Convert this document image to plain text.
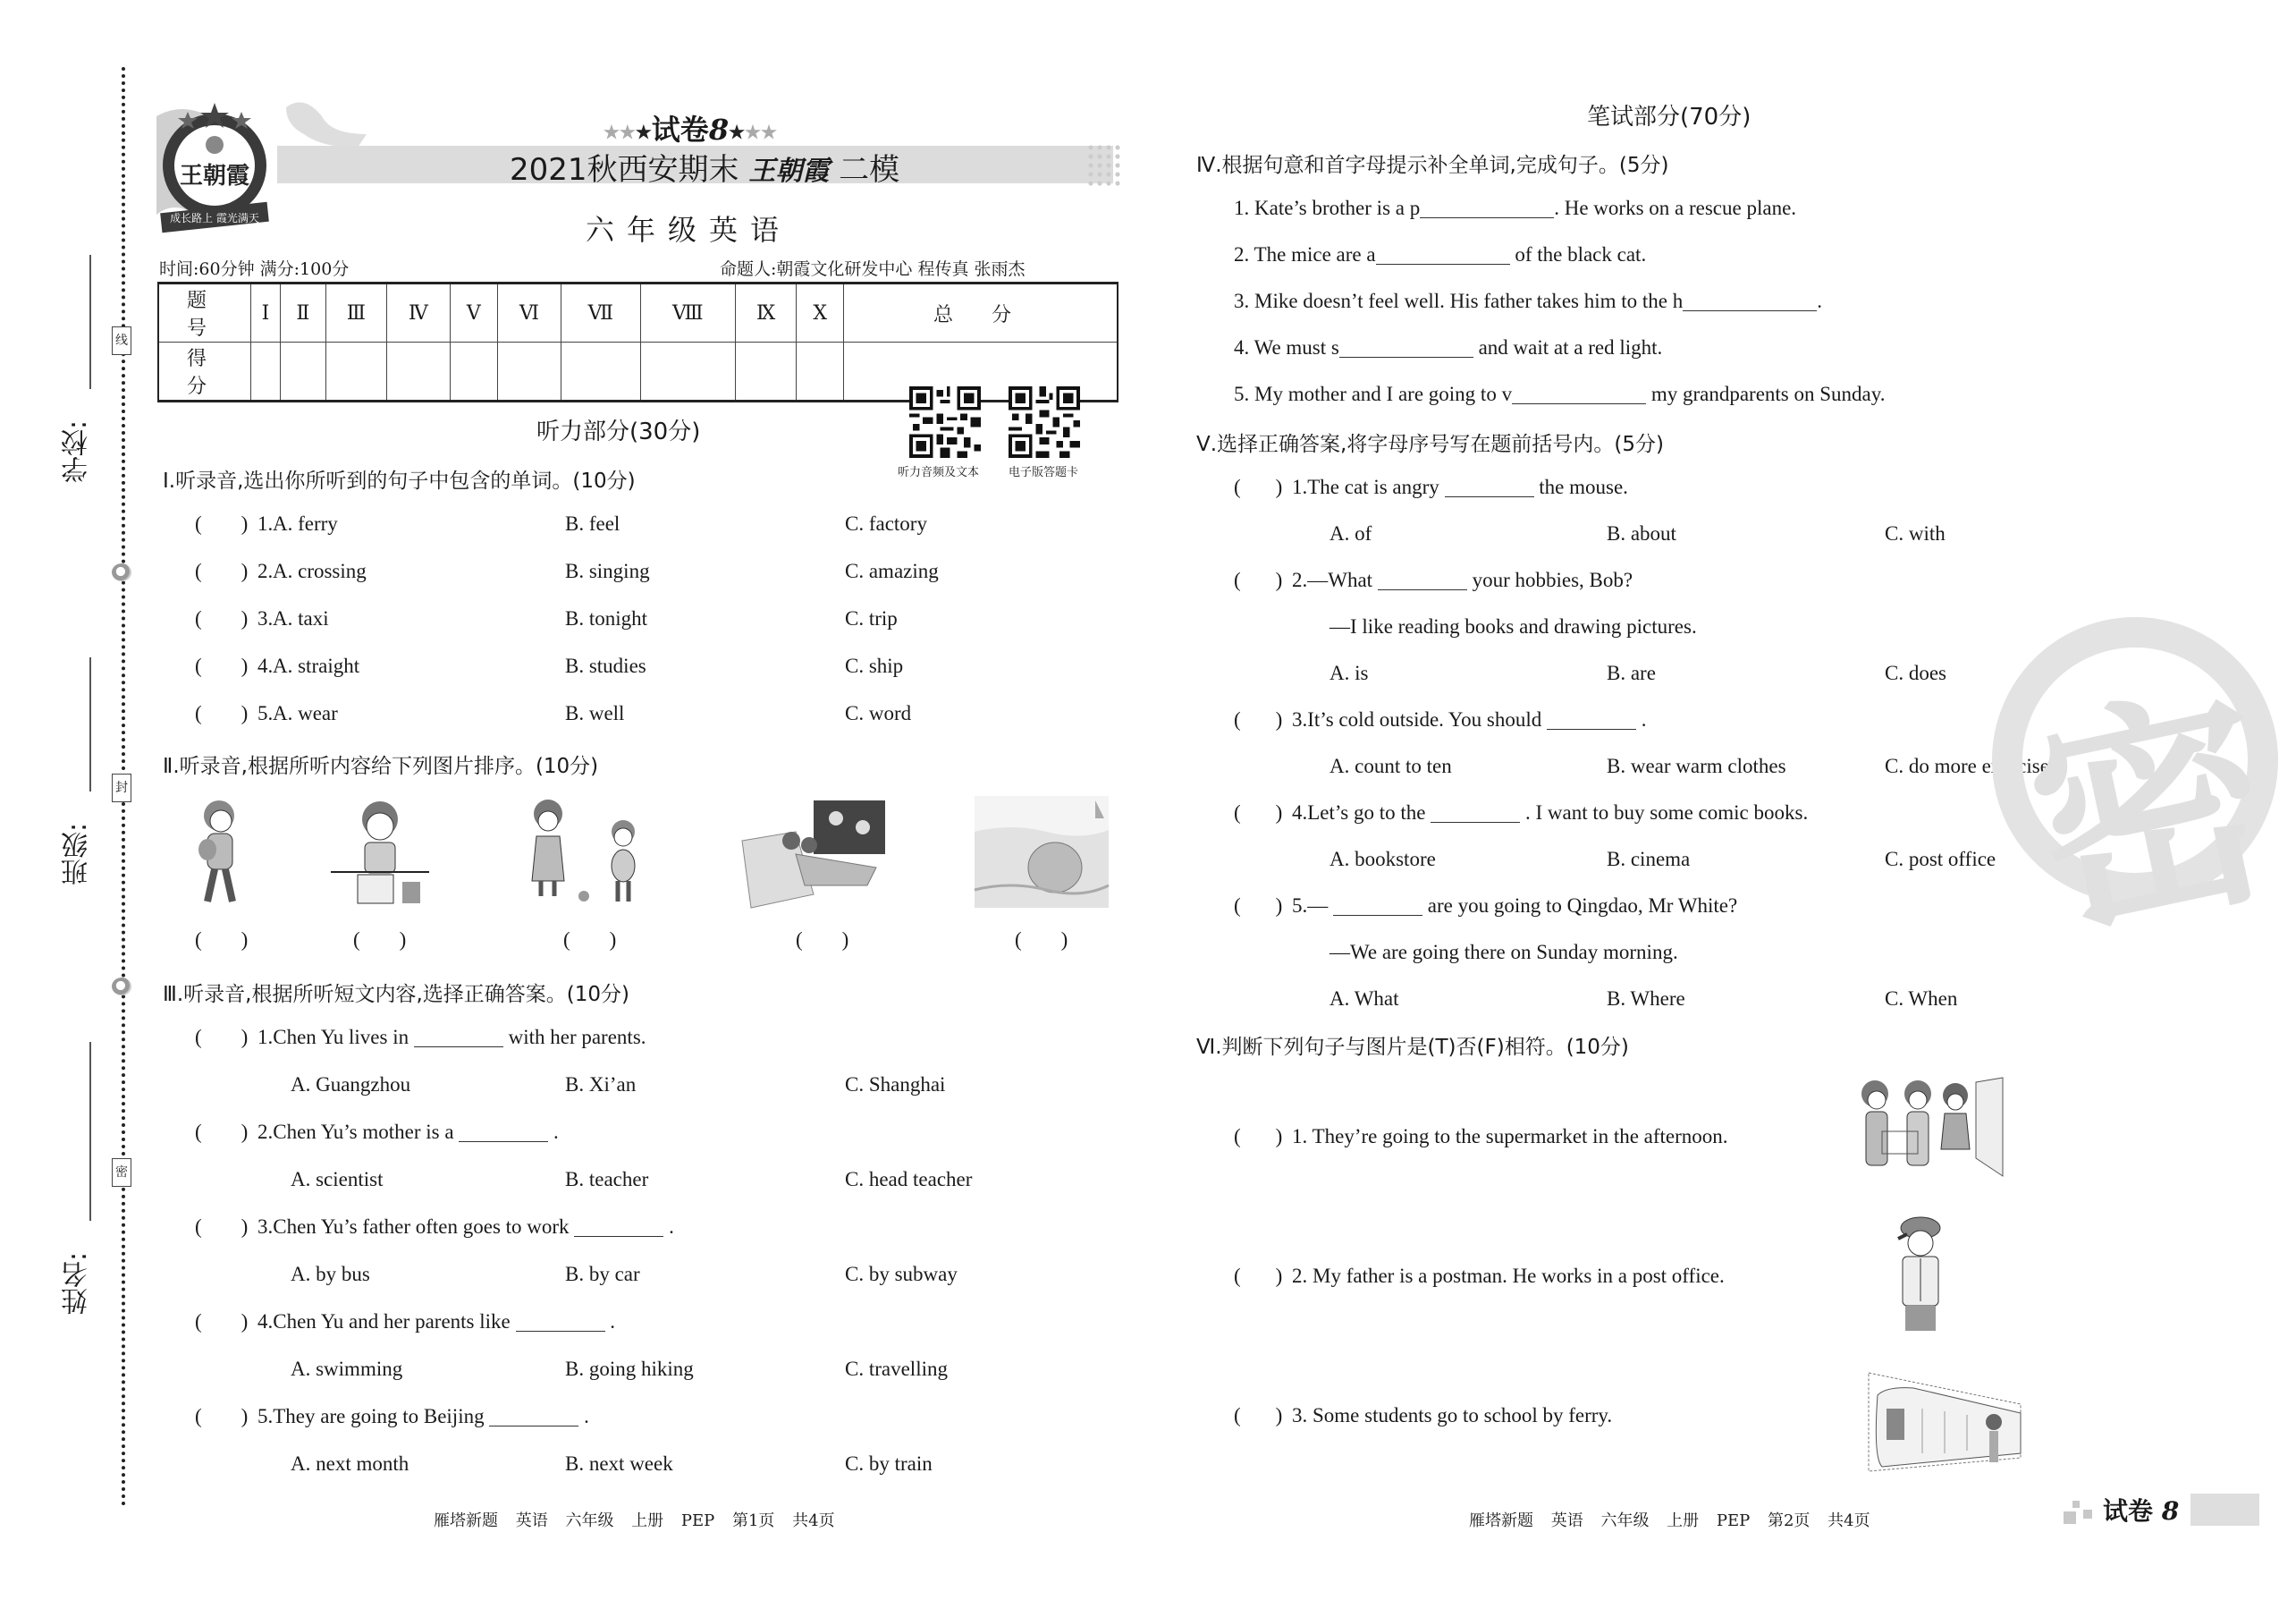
学校:
班级:
姓名:
线
封
密
王朝霞
成长路上 霞光满天
★★★试卷8★★★
2021秋西安期末 王朝霞 二模
六年级英语
时间:60分钟 满分:100分	命题人:朝霞文化研发中心 程传真 张雨杰
题 号	Ⅰ	Ⅱ	Ⅲ	Ⅳ	Ⅴ	Ⅵ	Ⅶ	Ⅷ	Ⅸ	Ⅹ	总 分
得 分											
听力音频及文本	电子版答题卡
听力部分(30分)
Ⅰ.听录音,选出你所听到的句子中包含的单词。(10分)
( ) 1. A. ferry	B. feel	C. factory
( ) 2. A. crossing	B. singing	C. amazing
( ) 3. A. taxi	B. tonight	C. trip
( ) 4. A. straight	B. studies	C. ship
( ) 5. A. wear	B. well	C. word
Ⅱ.听录音,根据所听内容给下列图片排序。(10分)
( )	( )	( )	( )	( )
Ⅲ.听录音,根据所听短文内容,选择正确答案。(10分)
( ) 1.Chen Yu lives in	with her parents.
A. Guangzhou	B. Xi’an	C. Shanghai
( ) 2.Chen Yu’s mother is a	.
A. scientist	B. teacher	C. head teacher
( ) 3.Chen Yu’s father often goes to work	.
A. by bus	B. by car	C. by subway
( ) 4.Chen Yu and her parents like	.
A. swimming	B. going hiking	C. travelling
( ) 5.They are going to Beijing	.
A. next month	B. next week	C. by train
雁塔新题 英语 六年级 上册 PEP 第1页 共4页
笔试部分(70分)
Ⅳ.根据句意和首字母提示补全单词,完成句子。(5分)
1. Kate’s brother is a p	. He works on a rescue plane.
2. The mice are a	of the black cat.
3. Mike doesn’t feel well. His father takes him to the h	.
4. We must s	and wait at a red light.
5. My mother and I are going to v	my grandparents on Sunday.
Ⅴ.选择正确答案,将字母序号写在题前括号内。(5分)
( ) 1.The cat is angry	the mouse.
A. of	B. about	C. with
( ) 2.—What	your hobbies, Bob?
—I like reading books and drawing pictures.
A. is	B. are	C. does
( ) 3.It’s cold outside. You should	.
A. count to ten	B. wear warm clothes	C. do more exercise
( ) 4.Let’s go to the	. I want to buy some comic books.
A. bookstore	B. cinema	C. post office
( ) 5.—	are you going to Qingdao, Mr White?
—We are going there on Sunday morning.
A. What	B. Where	C. When
Ⅵ.判断下列句子与图片是(T)否(F)相符。(10分)
( ) 1. They’re going to the supermarket in the afternoon.
( ) 2. My father is a postman. He works in a post office.
( ) 3. Some students go to school by ferry.
雁塔新题 英语 六年级 上册 PEP 第2页 共4页
密
试卷 8
